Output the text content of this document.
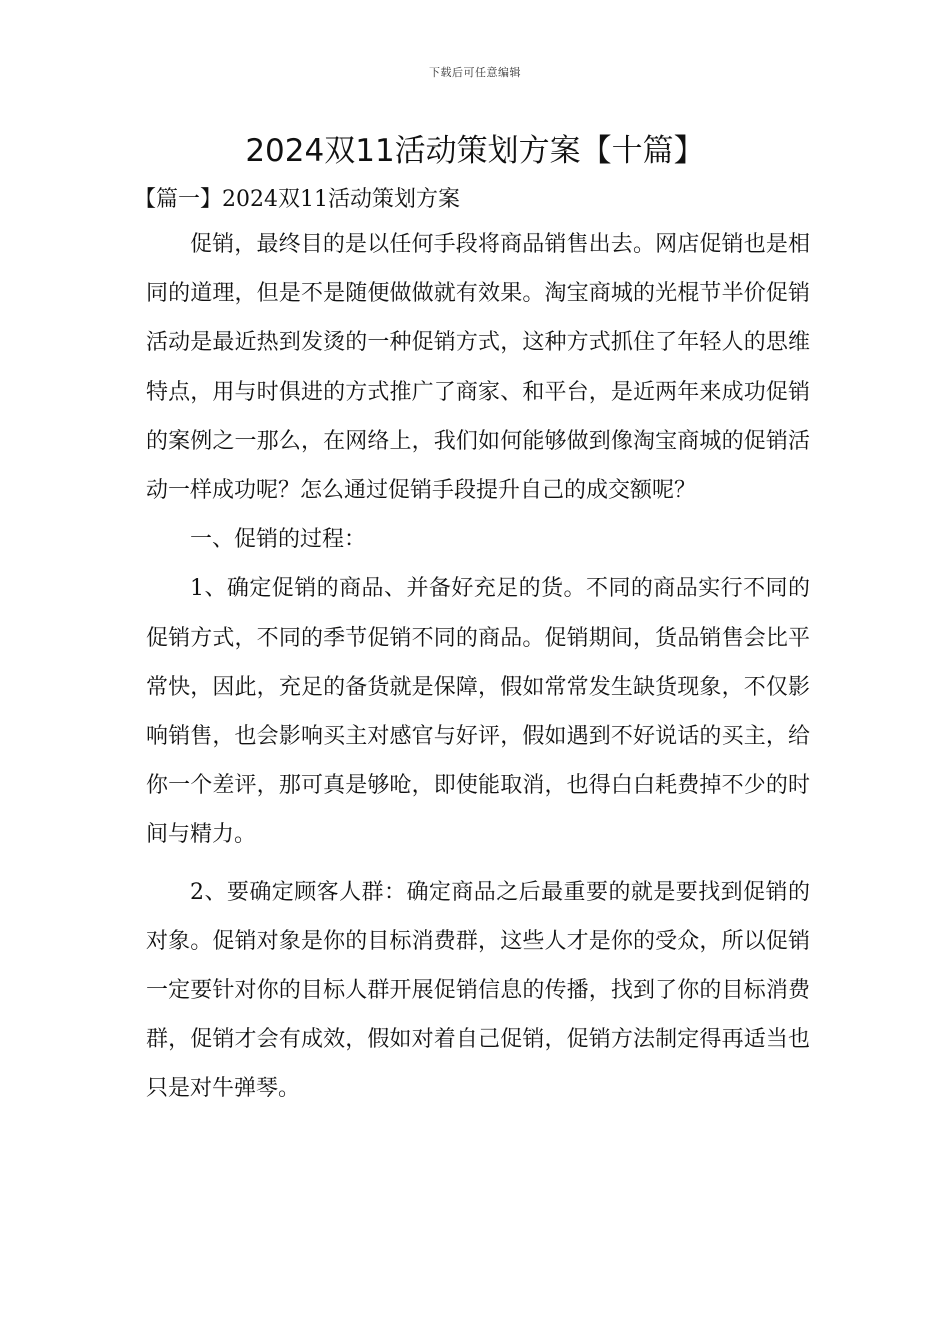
下载后可任意编辑
2024双11活动策划方案【十篇】

【篇一】2024双11活动策划方案

促销，最终目的是以任何手段将商品销售出去。网店促销也是相同的道理，但是不是随便做做就有效果。淘宝商城的光棍节半价促销活动是最近热到发烫的一种促销方式，这种方式抓住了年轻人的思维特点，用与时俱进的方式推广了商家、和平台，是近两年来成功促销的案例之一那么，在网络上，我们如何能够做到像淘宝商城的促销活动一样成功呢？怎么通过促销手段提升自己的成交额呢？

一、促销的过程：

1、确定促销的商品、并备好充足的货。不同的商品实行不同的促销方式，不同的季节促销不同的商品。促销期间，货品销售会比平常快，因此，充足的备货就是保障，假如常常发生缺货现象，不仅影响销售，也会影响买主对感官与好评，假如遇到不好说话的买主，给你一个差评，那可真是够呛，即使能取消，也得白白耗费掉不少的时间与精力。

2、要确定顾客人群：确定商品之后最重要的就是要找到促销的对象。促销对象是你的目标消费群，这些人才是你的受众，所以促销一定要针对你的目标人群开展促销信息的传播，找到了你的目标消费群，促销才会有成效，假如对着自己促销，促销方法制定得再适当也只是对牛弹琴。
